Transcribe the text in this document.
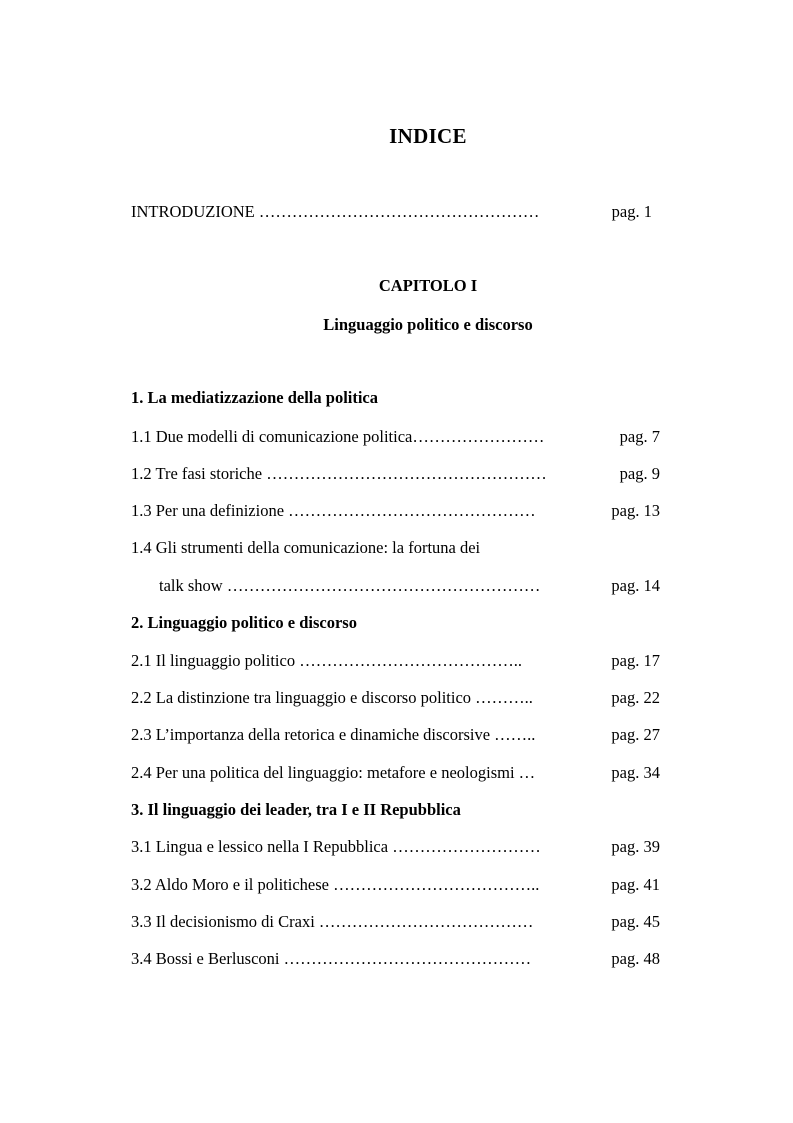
INDICE
INTRODUZIONE ……………………………………………	pag. 1
CAPITOLO I
Linguaggio politico e discorso
1. La mediatizzazione della politica
1.1 Due modelli di comunicazione politica……………………	pag. 7
1.2 Tre fasi storiche ……………………………………………	pag. 9
1.3 Per una definizione ………………………………………	pag. 13
1.4 Gli strumenti della comunicazione: la fortuna dei
talk show …………………………………………………	pag. 14
2. Linguaggio politico e discorso
2.1 Il linguaggio politico …………………………………..	pag. 17
2.2 La distinzione tra linguaggio e discorso politico ………..	pag. 22
2.3 L’importanza della retorica e dinamiche discorsive ……..	pag. 27
2.4 Per una politica del linguaggio: metafore e neologismi …	pag. 34
3. Il linguaggio dei leader, tra I e II Repubblica
3.1 Lingua e lessico nella I Repubblica ………………………	pag. 39
3.2 Aldo Moro e il politichese ………………………………..	pag. 41
3.3 Il decisionismo di Craxi …………………………………	pag. 45
3.4 Bossi e Berlusconi ………………………………………	pag. 48
